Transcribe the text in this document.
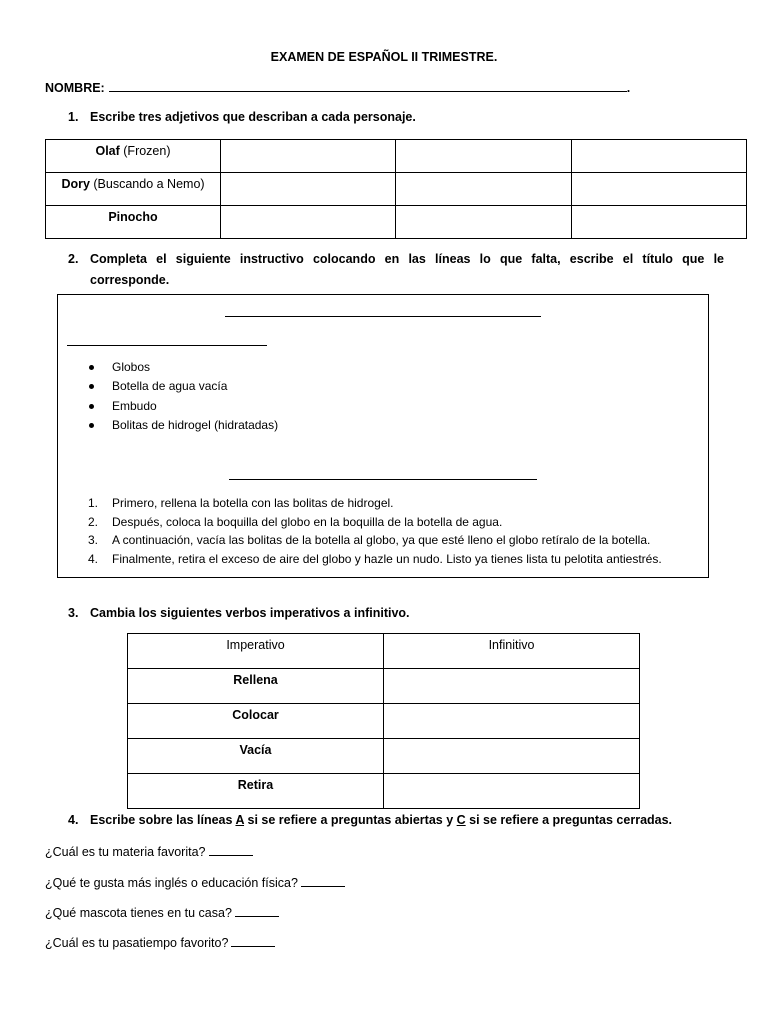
EXAMEN DE ESPAÑOL II TRIMESTRE.
NOMBRE:	.
1. Escribe tres adjetivos que describan a cada personaje.
Olaf (Frozen)			
Dory (Buscando a Nemo)			
Pinocho			
2. Completa el siguiente instructivo colocando en las líneas lo que falta, escribe el título que le
corresponde.
Globos
Botella de agua vacía
Embudo
Bolitas de hidrogel (hidratadas)
1. Primero, rellena la botella con las bolitas de hidrogel.
2. Después, coloca la boquilla del globo en la boquilla de la botella de agua.
3. A continuación, vacía las bolitas de la botella al globo, ya que esté lleno el globo retíralo de la botella.
4. Finalmente, retira el exceso de aire del globo y hazle un nudo. Listo ya tienes lista tu pelotita antiestrés.
3. Cambia los siguientes verbos imperativos a infinitivo.
Imperativo	Infinitivo
Rellena	
Colocar	
Vacía	
Retira	
4. Escribe sobre las líneas A si se refiere a preguntas abiertas y C si se refiere a preguntas cerradas.
¿Cuál es tu materia favorita?
¿Qué te gusta más inglés o educación física?
¿Qué mascota tienes en tu casa?
¿Cuál es tu pasatiempo favorito?
